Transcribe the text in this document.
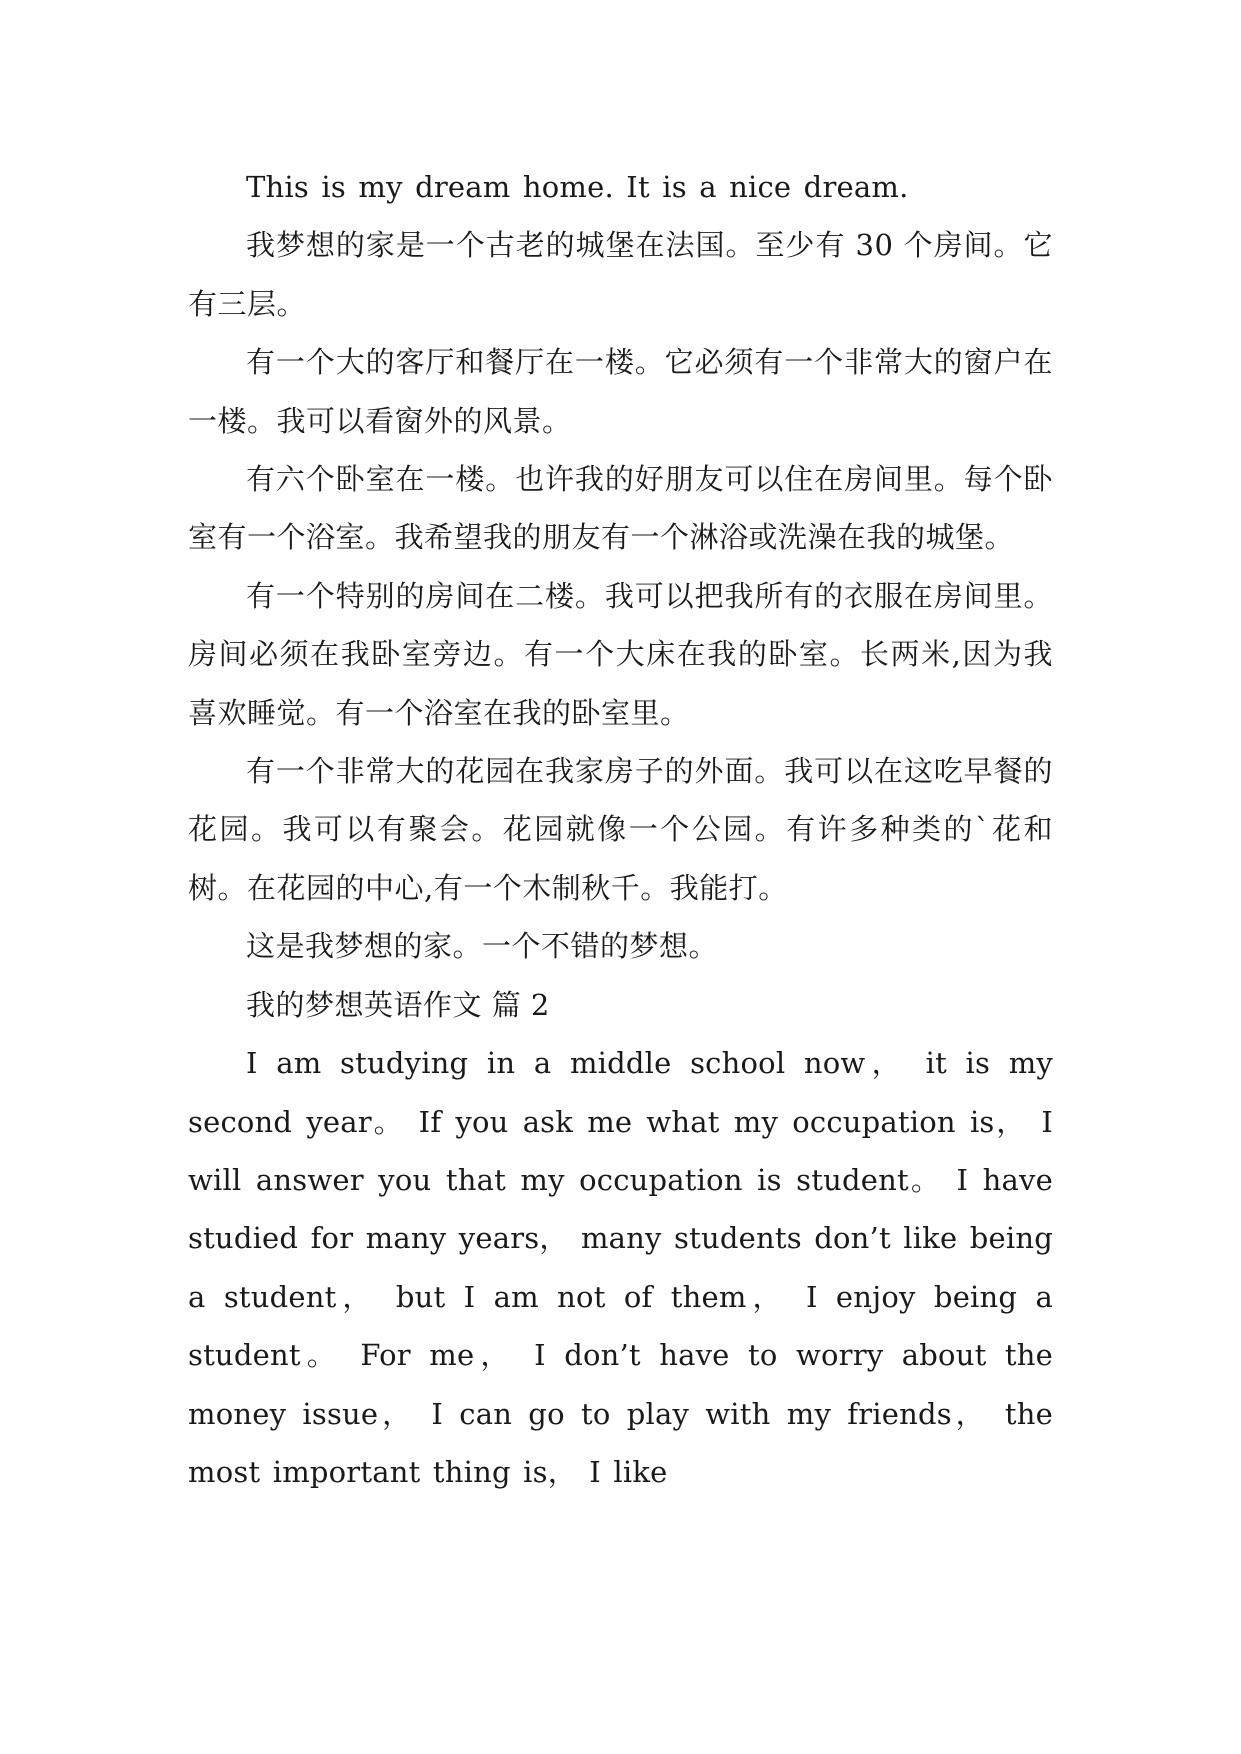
This is my dream home. It is a nice dream.

我梦想的家是一个古老的城堡在法国。至少有 30 个房间。它有三层。

有一个大的客厅和餐厅在一楼。它必须有一个非常大的窗户在一楼。我可以看窗外的风景。

有六个卧室在一楼。也许我的好朋友可以住在房间里。每个卧室有一个浴室。我希望我的朋友有一个淋浴或洗澡在我的城堡。

有一个特别的房间在二楼。我可以把我所有的衣服在房间里。房间必须在我卧室旁边。有一个大床在我的卧室。长两米,因为我喜欢睡觉。有一个浴室在我的卧室里。

有一个非常大的花园在我家房子的外面。我可以在这吃早餐的花园。我可以有聚会。花园就像一个公园。有许多种类的`花和树。在花园的中心,有一个木制秋千。我能打。

这是我梦想的家。一个不错的梦想。

我的梦想英语作文 篇 2

I am studying in a middle school now， it is my second year。 If you ask me what my occupation is， I will answer you that my occupation is student。 I have studied for many years， many students don’t like being a student， but I am not of them， I enjoy being a student。 For me， I don’t have to worry about the money issue， I can go to play with my friends， the most important thing is， I like
